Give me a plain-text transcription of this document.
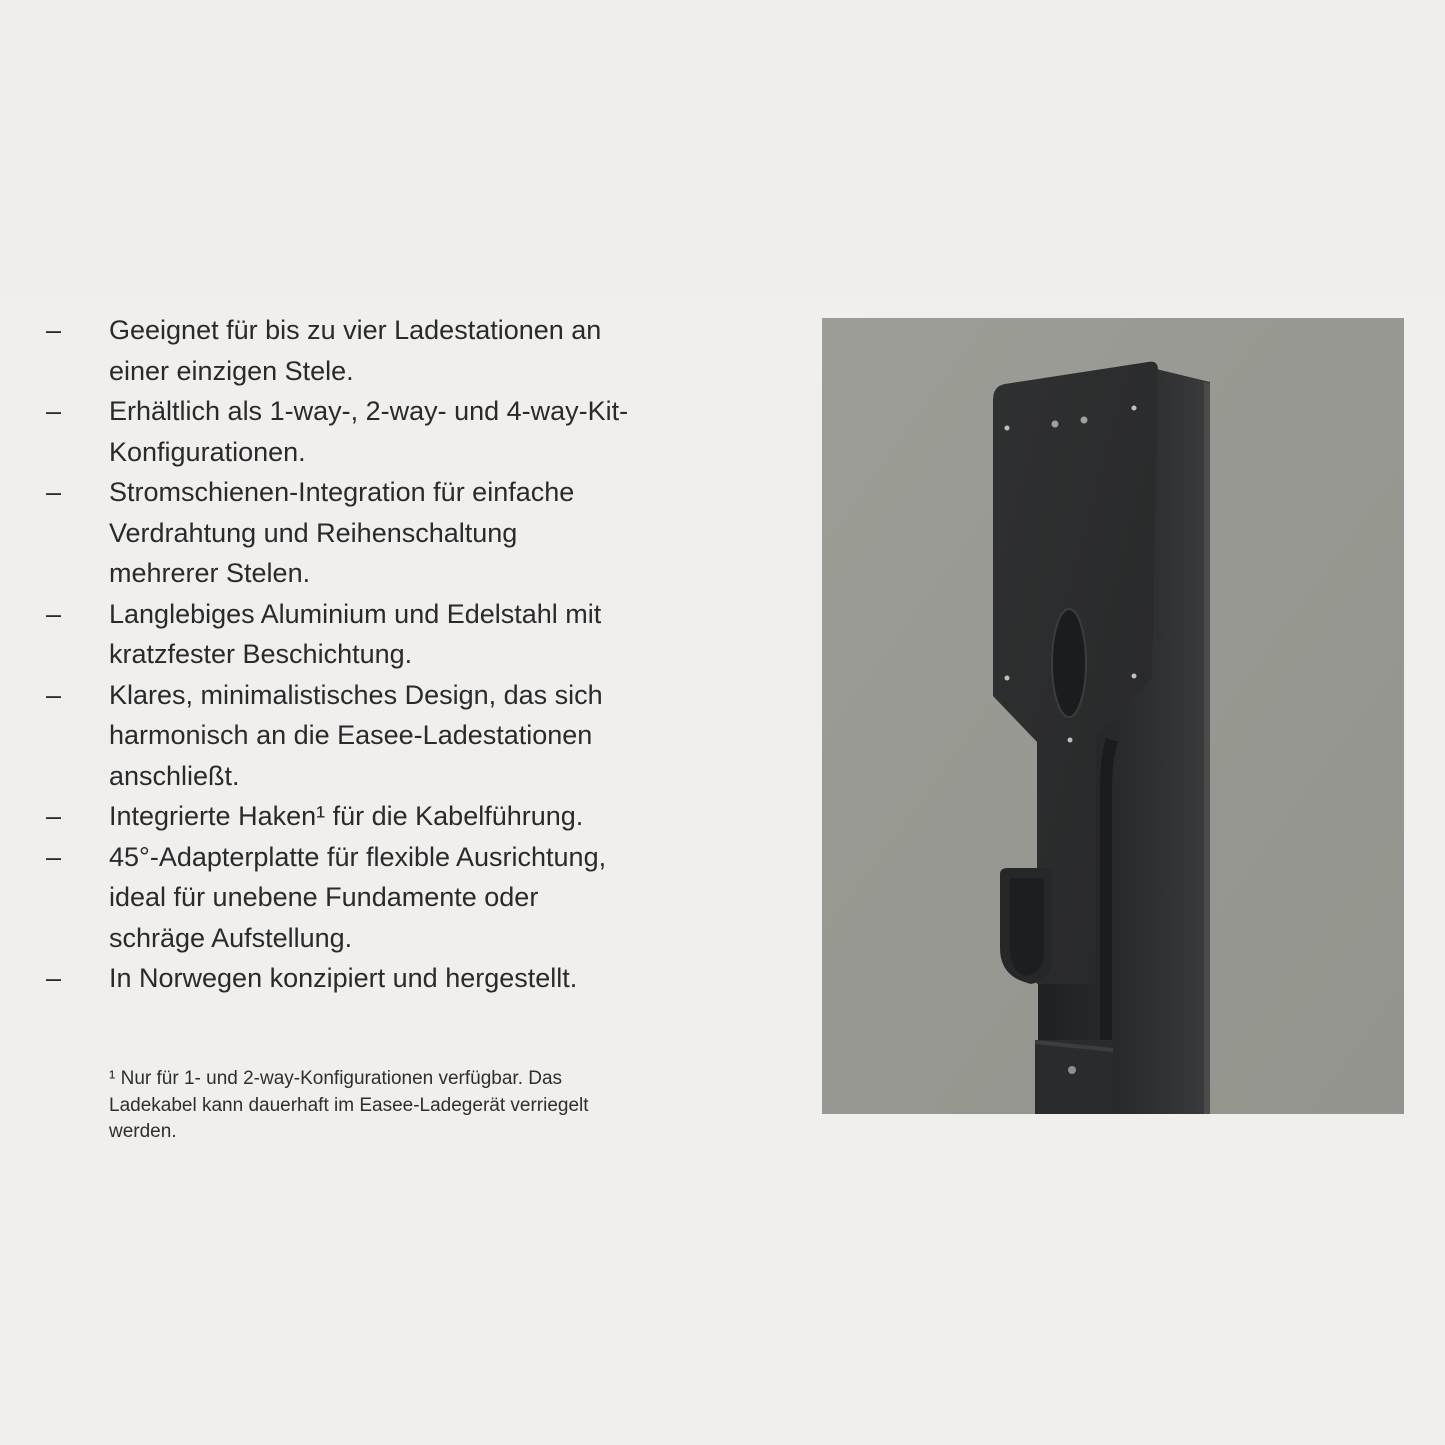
–	Geeignet für bis zu vier Ladestationen an
einer einzigen Stele.
–	Erhältlich als 1-way-, 2-way- und 4-way-Kit-
Konfigurationen.
–	Stromschienen-Integration für einfache
Verdrahtung und Reihenschaltung
mehrerer Stelen.
–	Langlebiges Aluminium und Edelstahl mit
kratzfester Beschichtung.
–	Klares, minimalistisches Design, das sich
harmonisch an die Easee-Ladestationen
anschließt.
–	Integrierte Haken¹ für die Kabelführung.
–	45°-Adapterplatte für flexible Ausrichtung,
ideal für unebene Fundamente oder
schräge Aufstellung.
–	In Norwegen konzipiert und hergestellt.
¹ Nur für 1- und 2-way-Konfigurationen verfügbar. Das
Ladekabel kann dauerhaft im Easee-Ladegerät verriegelt
werden.
